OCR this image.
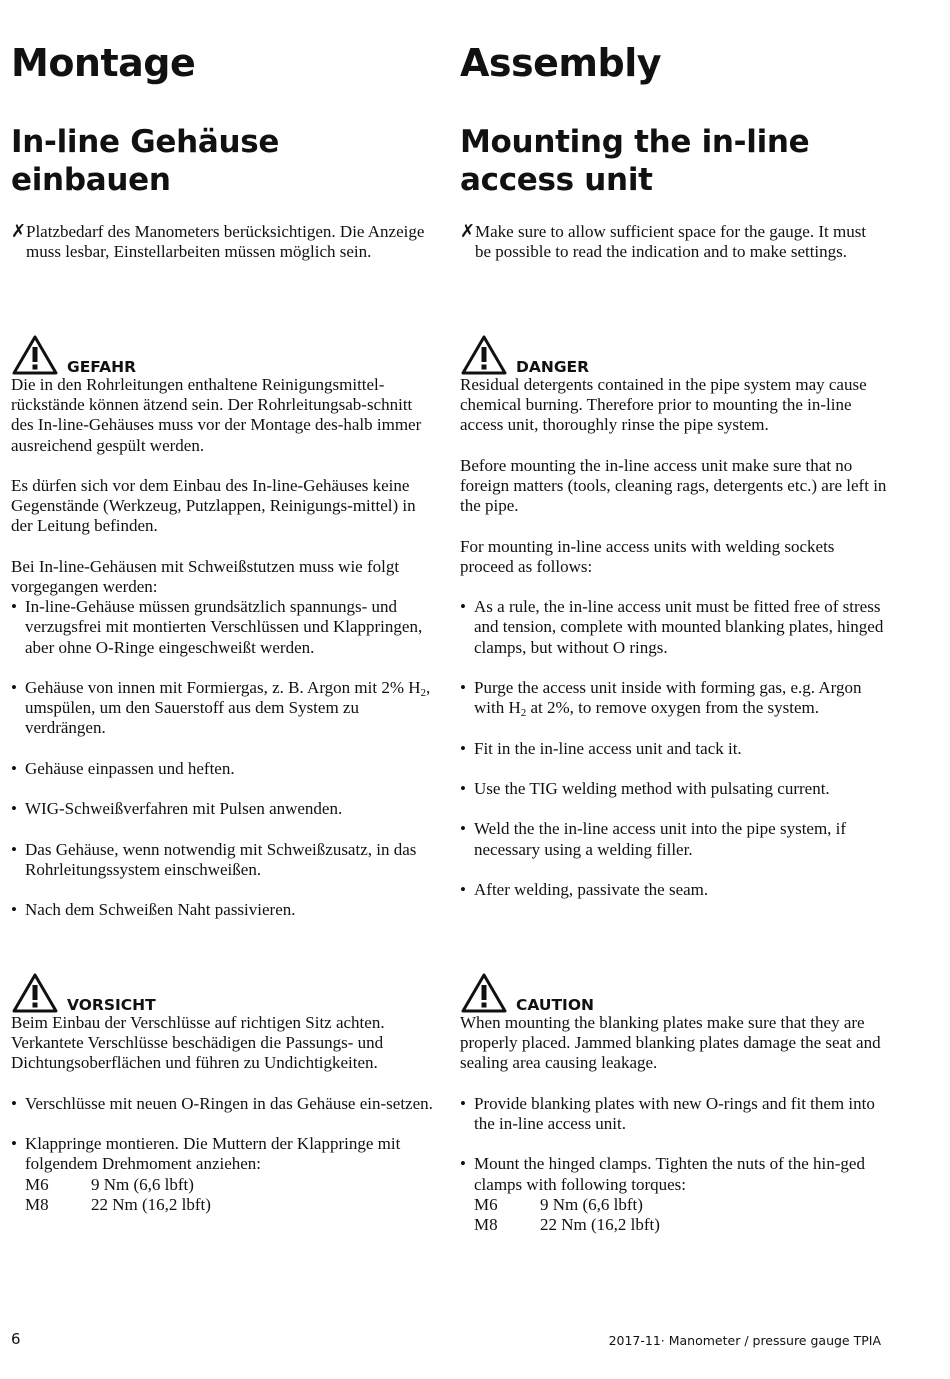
Montage
In-line Gehäuse einbauen
✗ Platzbedarf des Manometers berücksichtigen. Die Anzeige muss lesbar, Einstellarbeiten müssen möglich sein.
GEFAHR
Die in den Rohrleitungen enthaltene Reinigungsmittel-rückstände können ätzend sein. Der Rohrleitungsab-schnitt des In-line-Gehäuses muss vor der Montage des-halb immer ausreichend gespült werden.
Es dürfen sich vor dem Einbau des In-line-Gehäuses keine Gegenstände (Werkzeug, Putzlappen, Reinigungs-mittel) in der Leitung befinden.
Bei In-line-Gehäusen mit Schweißstutzen muss wie folgt vorgegangen werden:
• In-line-Gehäuse müssen grundsätzlich spannungs- und verzugsfrei mit montierten Verschlüssen und Klappringen, aber ohne O-Ringe eingeschweißt werden.
• Gehäuse von innen mit Formiergas, z. B. Argon mit 2% $H_2$, umspülen, um den Sauerstoff aus dem System zu verdrängen.
• Gehäuse einpassen und heften.
• WIG-Schweißverfahren mit Pulsen anwenden.
• Das Gehäuse, wenn notwendig mit Schweißzusatz, in das Rohrleitungssystem einschweißen.
• Nach dem Schweißen Naht passivieren.
VORSICHT
Beim Einbau der Verschlüsse auf richtigen Sitz achten. Verkantete Verschlüsse beschädigen die Passungs- und Dichtungsoberflächen und führen zu Undichtigkeiten.
• Verschlüsse mit neuen O-Ringen in das Gehäuse ein-setzen.
• Klappringe montieren. Die Muttern der Klappringe mit folgendem Drehmoment anziehen:
M6	9 Nm (6,6 lbft)
M8	22 Nm (16,2 lbft)
Assembly
Mounting the in-line
access unit
✗ Make sure to allow sufficient space for the gauge. It must be possible to read the indication and to make settings.
DANGER
Residual detergents contained in the pipe system may cause chemical burning. Therefore prior to mounting the in-line access unit, thoroughly rinse the pipe system.
Before mounting the in-line access unit make sure that no foreign matters (tools, cleaning rags, detergents etc.) are left in the pipe.
For mounting in-line access units with welding sockets proceed as follows:
• As a rule, the in-line access unit must be fitted free of stress and tension, complete with mounted blanking plates, hinged clamps, but without O rings.
• Purge the access unit inside with forming gas, e.g. Argon with $H_2$ at 2%, to remove oxygen from the system.
• Fit in the in-line access unit and tack it.
• Use the TIG welding method with pulsating current.
• Weld the the in-line access unit into the pipe system, if necessary using a welding filler.
• After welding, passivate the seam.
CAUTION
When mounting the blanking plates make sure that they are properly placed. Jammed blanking plates damage the seat and sealing area causing leakage.
• Provide blanking plates with new O-rings and fit them into the in-line access unit.
• Mount the hinged clamps. Tighten the nuts of the hin-ged clamps with following torques:
M6	9 Nm (6,6 lbft)
M8	22 Nm (16,2 lbft)
6	2017-11· Manometer / pressure gauge TPIA
